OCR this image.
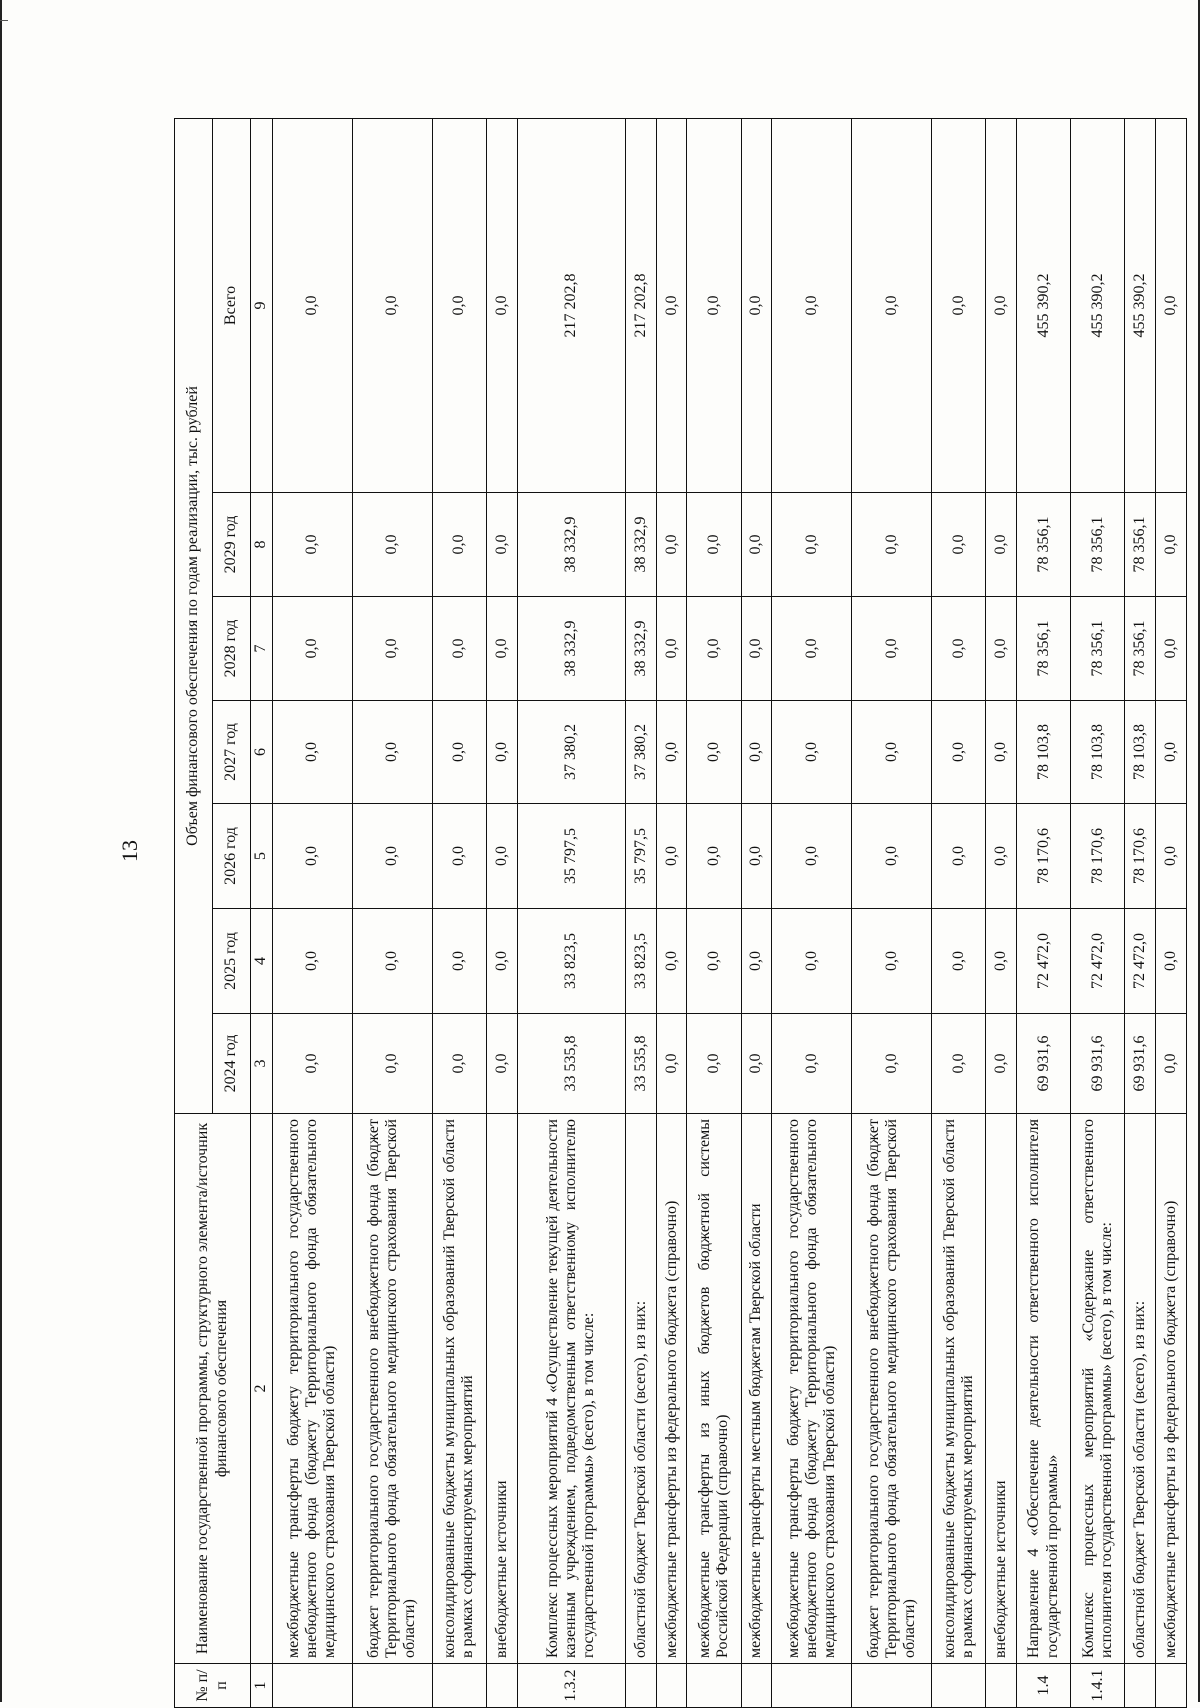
13
№ п/п	Наименование государственной программы, структурного элемента/источник финансового обеспечения	Объем финансового обеспечения по годам реализации, тыс. рублей						
		2024 год	2025 год	2026 год	2027 год	2028 год	2029 год	Всего
1	2	3	4	5	6	7	8	9
	межбюджетные трансферты бюджету территориального государственного внебюджетного фонда (бюджету Территориального фонда обязательного медицинского страхования Тверской области)	0,0	0,0	0,0	0,0	0,0	0,0	0,0
	бюджет территориального государственного внебюджетного фонда (бюджет Территориального фонда обязательного медицинского страхования Тверской области)	0,0	0,0	0,0	0,0	0,0	0,0	0,0
	консолидированные бюджеты муниципальных образований Тверской области в рамках софинансируемых мероприятий	0,0	0,0	0,0	0,0	0,0	0,0	0,0
	внебюджетные источники	0,0	0,0	0,0	0,0	0,0	0,0	0,0
1.3.2	Комплекс процессных мероприятий 4 «Осуществление текущей деятельности казенным учреждением, подведомственным ответственному исполнителю государственной программы» (всего), в том числе:	33 535,8	33 823,5	35 797,5	37 380,2	38 332,9	38 332,9	217 202,8
	областной бюджет Тверской области (всего), из них:	33 535,8	33 823,5	35 797,5	37 380,2	38 332,9	38 332,9	217 202,8
	межбюджетные трансферты из федерального бюджета (справочно)	0,0	0,0	0,0	0,0	0,0	0,0	0,0
	межбюджетные трансферты из иных бюджетов бюджетной системы Российской Федерации (справочно)	0,0	0,0	0,0	0,0	0,0	0,0	0,0
	межбюджетные трансферты местным бюджетам Тверской области	0,0	0,0	0,0	0,0	0,0	0,0	0,0
	межбюджетные трансферты бюджету территориального государственного внебюджетного фонда (бюджету Территориального фонда обязательного медицинского страхования Тверской области)	0,0	0,0	0,0	0,0	0,0	0,0	0,0
	бюджет территориального государственного внебюджетного фонда (бюджет Территориального фонда обязательного медицинского страхования Тверской области)	0,0	0,0	0,0	0,0	0,0	0,0	0,0
	консолидированные бюджеты муниципальных образований Тверской области в рамках софинансируемых мероприятий	0,0	0,0	0,0	0,0	0,0	0,0	0,0
	внебюджетные источники	0,0	0,0	0,0	0,0	0,0	0,0	0,0
1.4	Направление 4 «Обеспечение деятельности ответственного исполнителя государственной программы»	69 931,6	72 472,0	78 170,6	78 103,8	78 356,1	78 356,1	455 390,2
1.4.1	Комплекс процессных мероприятий «Содержание ответственного исполнителя государственной программы» (всего), в том числе:	69 931,6	72 472,0	78 170,6	78 103,8	78 356,1	78 356,1	455 390,2
	областной бюджет Тверской области (всего), из них:	69 931,6	72 472,0	78 170,6	78 103,8	78 356,1	78 356,1	455 390,2
	межбюджетные трансферты из федерального бюджета (справочно)	0,0	0,0	0,0	0,0	0,0	0,0	0,0
